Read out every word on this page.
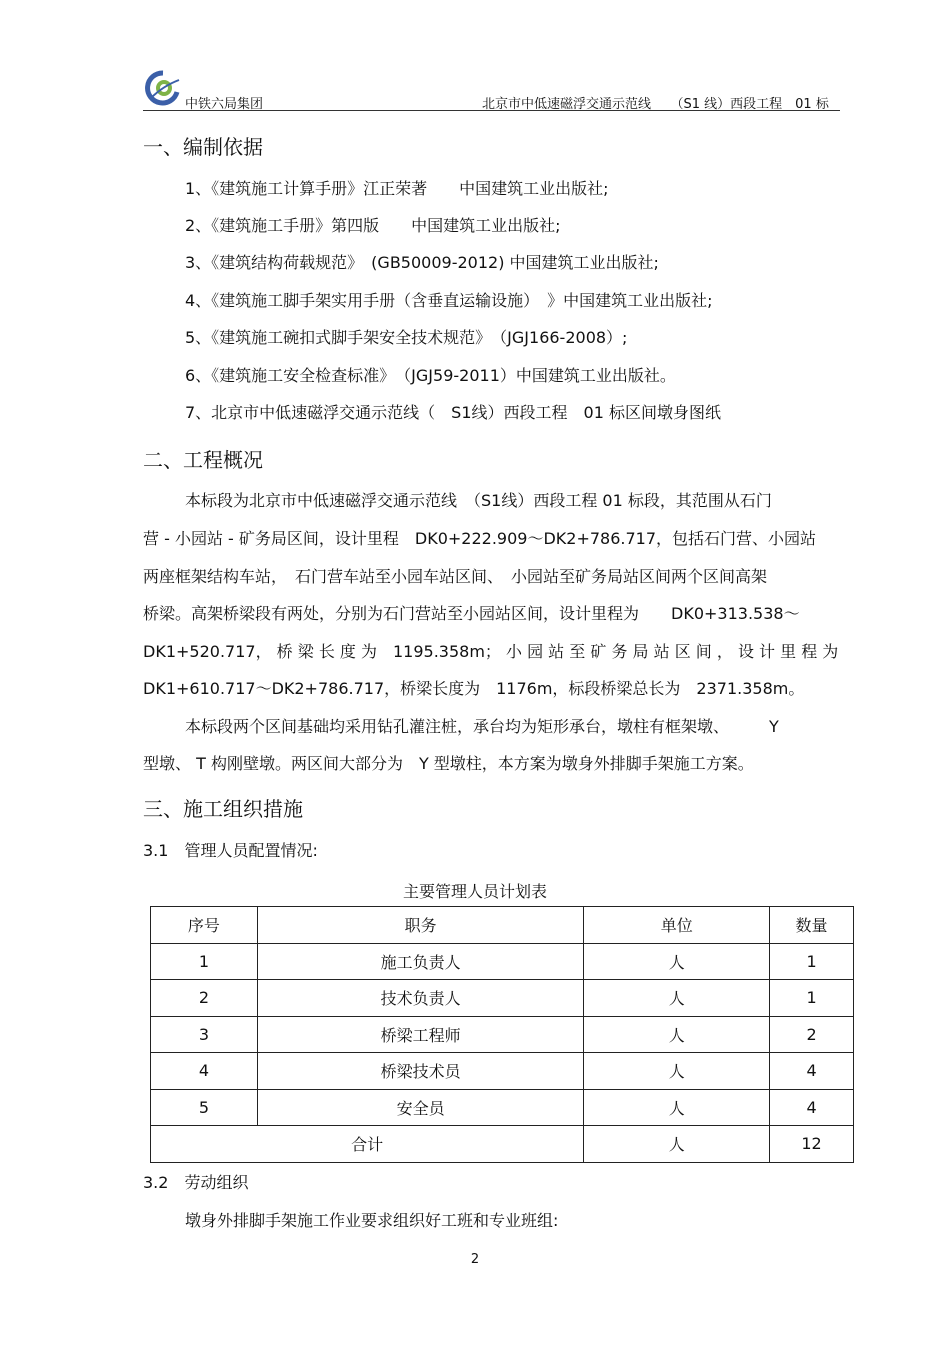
中铁六局集团	北京市中低速磁浮交通示范线　　（S1 线）西段工程　01 标
一、编制依据
1、《建筑施工计算手册》江正荣著　　中国建筑工业出版社;
2、《建筑施工手册》第四版　　中国建筑工业出版社;
3、《建筑结构荷载规范》　(GB50009-2012) 中国建筑工业出版社;
4、《建筑施工脚手架实用手册（含垂直运输设施）　》中国建筑工业出版社;
5、《建筑施工碗扣式脚手架安全技术规范》　（JGJ166-2008）;
6、《建筑施工安全检查标准》　（JGJ59-2011）中国建筑工业出版社。
7、北京市中低速磁浮交通示范线（　S1线）西段工程　01 标区间墩身图纸
二、工程概况
本标段为北京市中低速磁浮交通示范线　（S1线）西段工程 01 标段，其范围从石门
营 - 小园站 - 矿务局区间，设计里程　DK0+222.909～DK2+786.717，包括石门营、小园站
两座框架结构车站，　石门营车站至小园车站区间、　小园站至矿务局站区间两个区间高架
桥梁。高架桥梁段有两处，分别为石门营站至小园站区间，设计里程为　　DK0+313.538～
DK1+520.717， 桥 梁 长 度 为　1195.358m； 小 园 站 至 矿 务 局 站 区 间 ， 设 计 里 程 为
DK1+610.717～DK2+786.717，桥梁长度为　1176m，标段桥梁总长为　2371.358m。
本标段两个区间基础均采用钻孔灌注桩，承台均为矩形承台，墩柱有框架墩、　　　Y
型墩、 T 构刚壁墩。两区间大部分为　Y 型墩柱，本方案为墩身外排脚手架施工方案。
三、施工组织措施
3.1　管理人员配置情况:
主要管理人员计划表
序号	职务	单位	数量
1	施工负责人	人	1
2	技术负责人	人	1
3	桥梁工程师	人	2
4	桥梁技术员	人	4
5	安全员	人	4
合计		人	12
3.2　劳动组织
墩身外排脚手架施工作业要求组织好工班和专业班组:
2
